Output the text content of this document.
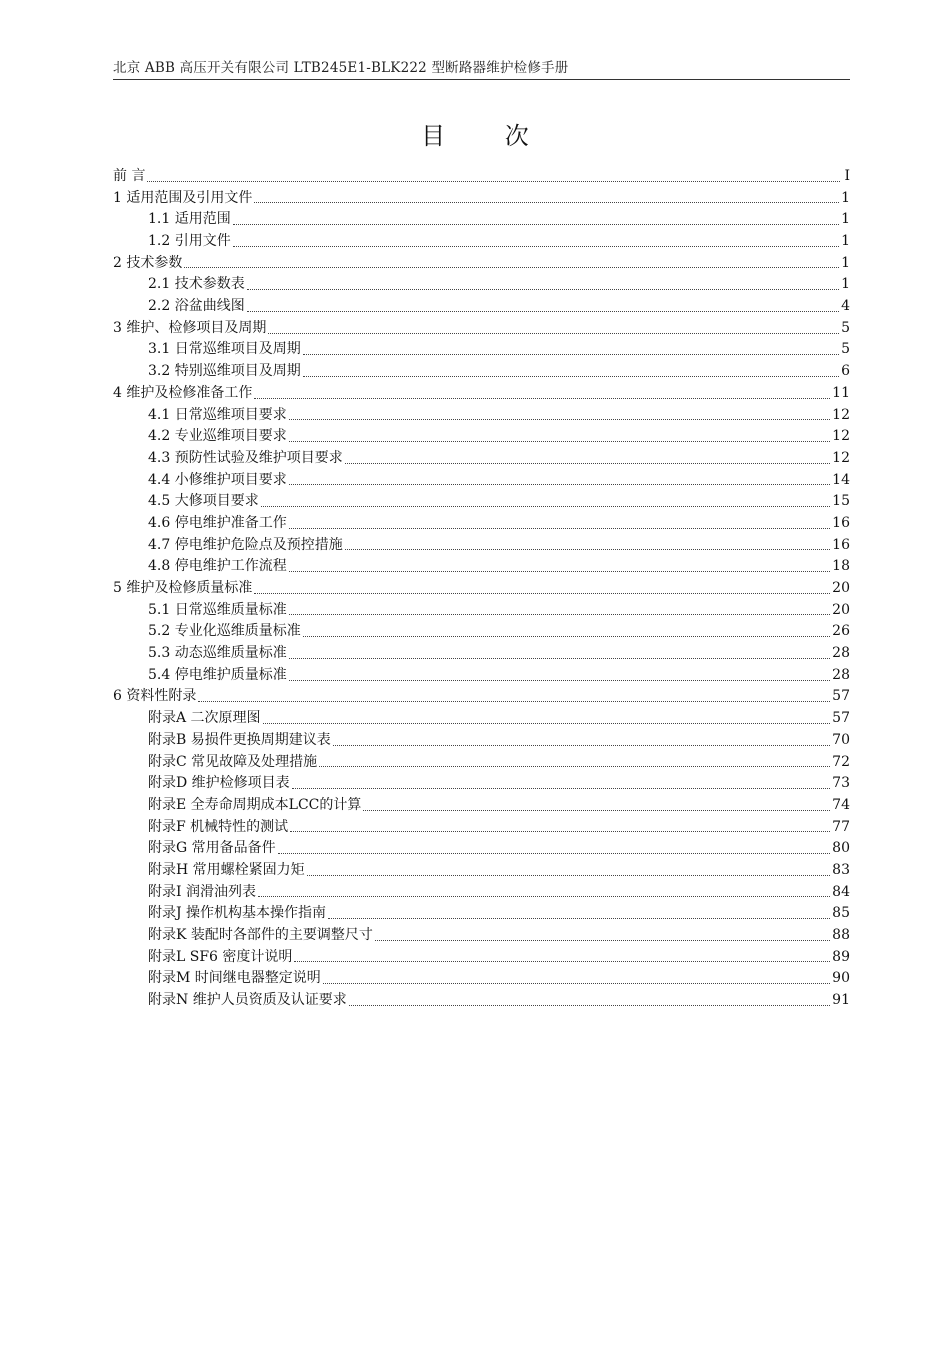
北京 ABB 高压开关有限公司 LTB245E1-BLK222 型断路器维护检修手册
目 次
前 言	I
1 适用范围及引用文件	1
1.1 适用范围	1
1.2 引用文件	1
2 技术参数	1
2.1 技术参数表	1
2.2 浴盆曲线图	4
3 维护、检修项目及周期	5
3.1 日常巡维项目及周期	5
3.2 特别巡维项目及周期	6
4 维护及检修准备工作	11
4.1 日常巡维项目要求	12
4.2 专业巡维项目要求	12
4.3 预防性试验及维护项目要求	12
4.4 小修维护项目要求	14
4.5 大修项目要求	15
4.6 停电维护准备工作	16
4.7 停电维护危险点及预控措施	16
4.8 停电维护工作流程	18
5 维护及检修质量标准	20
5.1 日常巡维质量标准	20
5.2 专业化巡维质量标准	26
5.3 动态巡维质量标准	28
5.4 停电维护质量标准	28
6 资料性附录	57
附录A 二次原理图	57
附录B 易损件更换周期建议表	70
附录C 常见故障及处理措施	72
附录D 维护检修项目表	73
附录E 全寿命周期成本LCC的计算	74
附录F 机械特性的测试	77
附录G 常用备品备件	80
附录H 常用螺栓紧固力矩	83
附录I 润滑油列表	84
附录J 操作机构基本操作指南	85
附录K 装配时各部件的主要调整尺寸	88
附录L SF6 密度计说明	89
附录M 时间继电器整定说明	90
附录N 维护人员资质及认证要求	91
